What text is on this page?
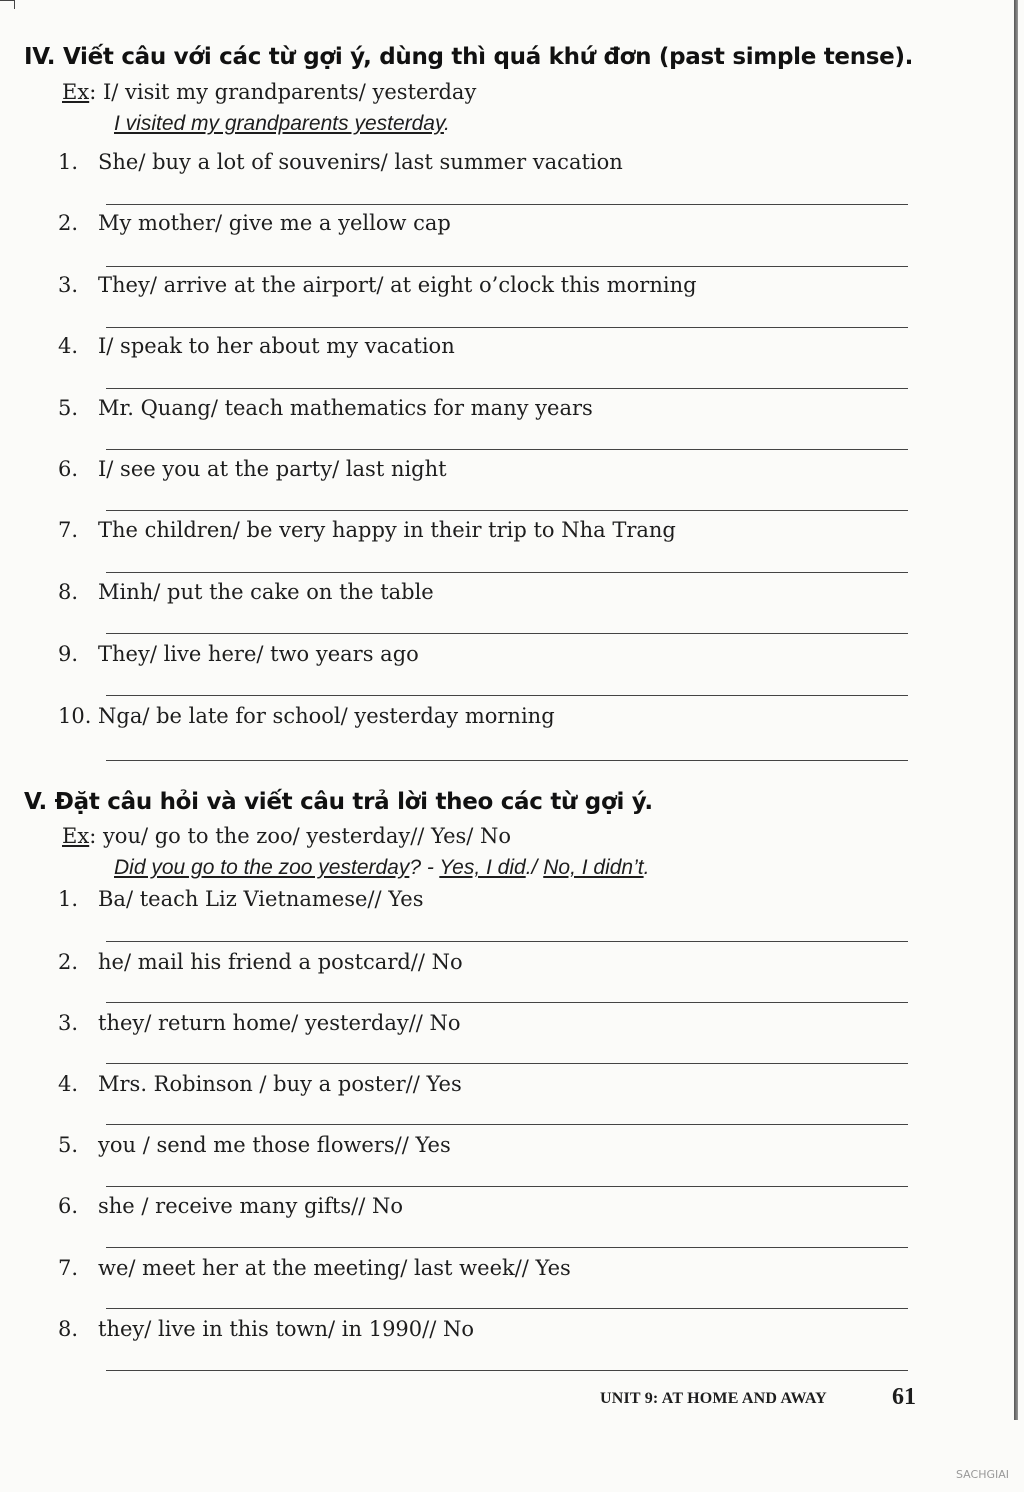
IV. Viết câu với các từ gợi ý, dùng thì quá khứ đơn (past simple tense).
Ex: I/ visit my grandparents/ yesterday
I visited my grandparents yesterday.
1. She/ buy a lot of souvenirs/ last summer vacation
2. My mother/ give me a yellow cap
3. They/ arrive at the airport/ at eight o’clock this morning
4. I/ speak to her about my vacation
5. Mr. Quang/ teach mathematics for many years
6. I/ see you at the party/ last night
7. The children/ be very happy in their trip to Nha Trang
8. Minh/ put the cake on the table
9. They/ live here/ two years ago
10. Nga/ be late for school/ yesterday morning
V. Đặt câu hỏi và viết câu trả lời theo các từ gợi ý.
Ex: you/ go to the zoo/ yesterday// Yes/ No
Did you go to the zoo yesterday? - Yes, I did./ No, I didn’t.
1. Ba/ teach Liz Vietnamese// Yes
2. he/ mail his friend a postcard// No
3. they/ return home/ yesterday// No
4. Mrs. Robinson / buy a poster// Yes
5. you / send me those flowers// Yes
6. she / receive many gifts// No
7. we/ meet her at the meeting/ last week// Yes
8. they/ live in this town/ in 1990// No
UNIT 9: AT HOME AND AWAY	61
SACHGIAI
